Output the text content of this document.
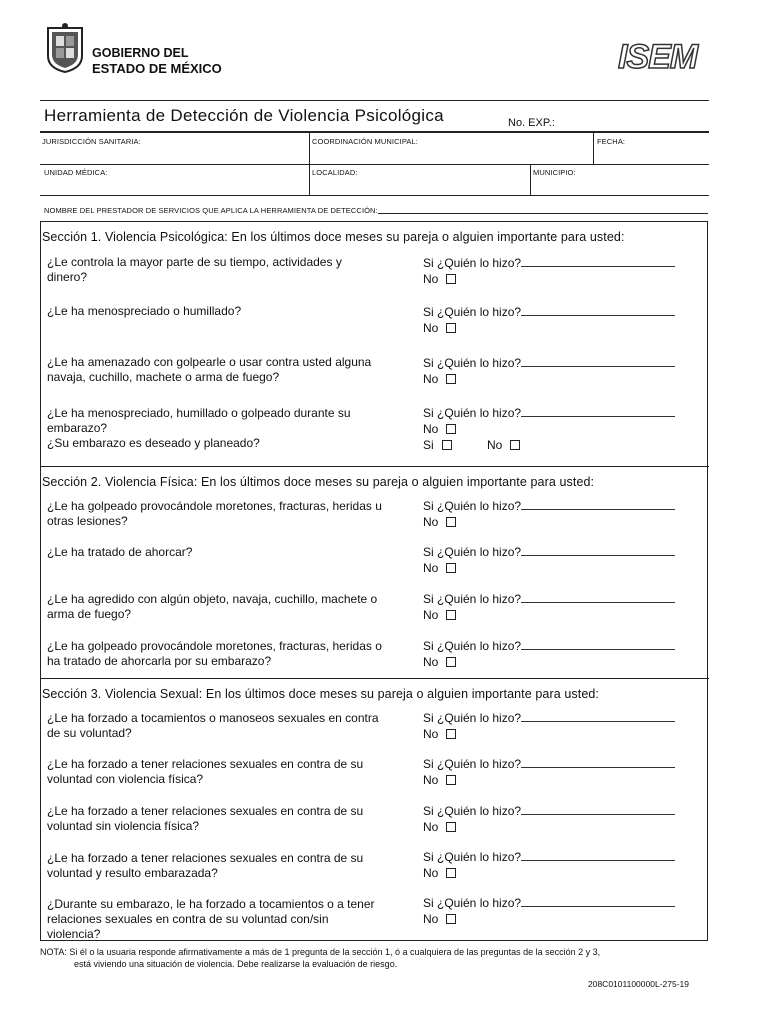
GOBIERNO DEL
ESTADO DE MÉXICO	ISEM
Herramienta de Detección de Violencia Psicológica	No. EXP.:
JURISDICCIÓN SANITARIA:	COORDINACIÓN MUNICIPAL:	FECHA:
UNIDAD MÉDICA:	LOCALIDAD:	MUNICIPIO:
NOMBRE DEL PRESTADOR DE SERVICIOS QUE APLICA LA HERRAMIENTA DE DETECCIÓN:
Sección 1. Violencia Psicológica: En los últimos doce meses su pareja o alguien importante para usted:
¿Le controla la mayor parte de su tiempo, actividades y
dinero?
Si ¿Quién lo hizo?
No
¿Le ha menospreciado o humillado?	Si ¿Quién lo hizo?
No
¿Le ha amenazado con golpearle o usar contra usted alguna
navaja, cuchillo, machete o arma de fuego?
Si ¿Quién lo hizo?
No
¿Le ha menospreciado, humillado o golpeado durante su
embarazo?
¿Su embarazo es deseado y planeado?
Si ¿Quién lo hizo?
No
Si	No
Sección 2. Violencia Física: En los últimos doce meses su pareja o alguien importante para usted:
¿Le ha golpeado provocándole moretones, fracturas, heridas u
otras lesiones?
Si ¿Quién lo hizo?
No
¿Le ha tratado de ahorcar?	Si ¿Quién lo hizo?
No
¿Le ha agredido con algún objeto, navaja, cuchillo, machete o
arma de fuego?
Si ¿Quién lo hizo?
No
¿Le ha golpeado provocándole moretones, fracturas, heridas o
ha tratado de ahorcarla por su embarazo?
Si ¿Quién lo hizo?
No
Sección 3. Violencia Sexual: En los últimos doce meses su pareja o alguien importante para usted:
¿Le ha forzado a tocamientos o manoseos sexuales en contra
de su voluntad?
Si ¿Quién lo hizo?
No
¿Le ha forzado a tener relaciones sexuales en contra de su
voluntad con violencia física?
Si ¿Quién lo hizo?
No
¿Le ha forzado a tener relaciones sexuales en contra de su
voluntad sin violencia física?
Si ¿Quién lo hizo?
No
¿Le ha forzado a tener relaciones sexuales en contra de su
voluntad y resulto embarazada?
Si ¿Quién lo hizo?
No
¿Durante su embarazo, le ha forzado a tocamientos o a tener
relaciones sexuales en contra de su voluntad con/sin
violencia?
Si ¿Quién lo hizo?
No
NOTA: Si él o la usuaria responde afirmativamente a más de 1 pregunta de la sección 1, ó a cualquiera de las preguntas de la sección 2 y 3,
está viviendo una situación de violencia. Debe realizarse la evaluación de riesgo.
208C0101100000L-275-19
